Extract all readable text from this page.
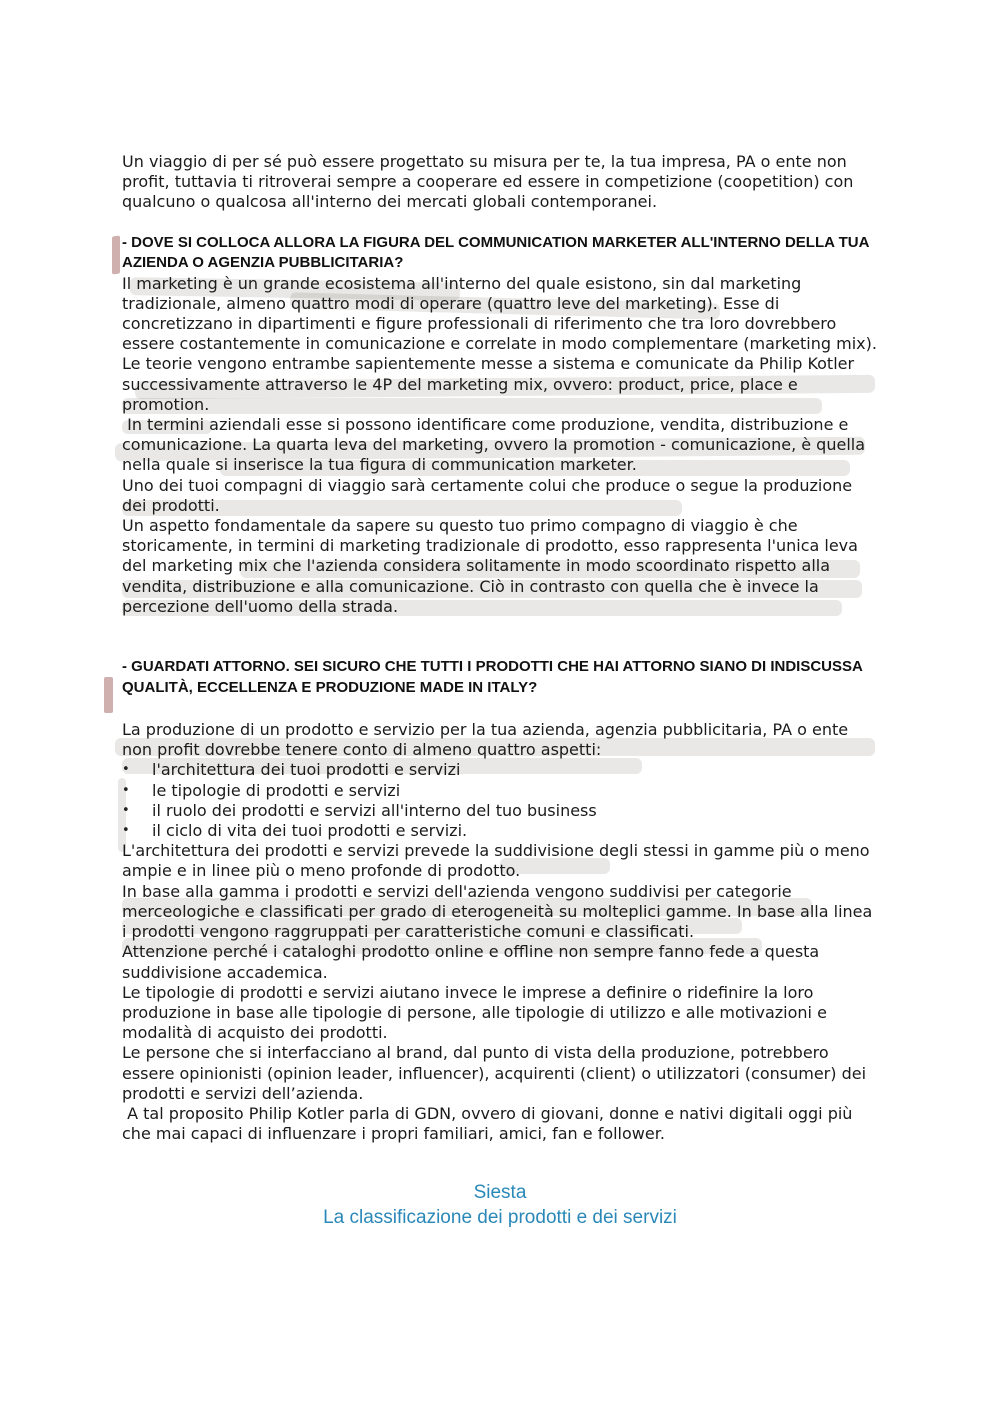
Un viaggio di per sé può essere progettato su misura per te, la tua impresa, PA o ente non profit, tuttavia ti ritroverai sempre a cooperare ed essere in competizione (coopetition) con qualcuno o qualcosa all'interno dei mercati globali contemporanei.

- DOVE SI COLLOCA ALLORA LA FIGURA DEL COMMUNICATION MARKETER ALL'INTERNO DELLA TUA AZIENDA O AGENZIA PUBBLICITARIA?

Il marketing è un grande ecosistema all'interno del quale esistono, sin dal marketing tradizionale, almeno quattro modi di operare (quattro leve del marketing). Esse di concretizzano in dipartimenti e figure professionali di riferimento che tra loro dovrebbero essere costantemente in comunicazione e correlate in modo complementare (marketing mix).

Le teorie vengono entrambe sapientemente messe a sistema e comunicate da Philip Kotler successivamente attraverso le 4P del marketing mix, ovvero: product, price, place e promotion.

In termini aziendali esse si possono identificare come produzione, vendita, distribuzione e comunicazione. La quarta leva del marketing, ovvero la promotion - comunicazione, è quella nella quale si inserisce la tua figura di communication marketer.

Uno dei tuoi compagni di viaggio sarà certamente colui che produce o segue la produzione dei prodotti.

Un aspetto fondamentale da sapere su questo tuo primo compagno di viaggio è che storicamente, in termini di marketing tradizionale di prodotto, esso rappresenta l'unica leva del marketing mix che l'azienda considera solitamente in modo scoordinato rispetto alla vendita, distribuzione e alla comunicazione. Ciò in contrasto con quella che è invece la percezione dell'uomo della strada.

- GUARDATI ATTORNO. SEI SICURO CHE TUTTI I PRODOTTI CHE HAI ATTORNO SIANO DI INDISCUSSA QUALITÀ, ECCELLENZA E PRODUZIONE MADE IN ITALY?

La produzione di un prodotto e servizio per la tua azienda, agenzia pubblicitaria, PA o ente non profit dovrebbe tenere conto di almeno quattro aspetti:

• l'architettura dei tuoi prodotti e servizi
• le tipologie di prodotti e servizi
• il ruolo dei prodotti e servizi all'interno del tuo business
• il ciclo di vita dei tuoi prodotti e servizi.

L'architettura dei prodotti e servizi prevede la suddivisione degli stessi in gamme più o meno ampie e in linee più o meno profonde di prodotto.

In base alla gamma i prodotti e servizi dell'azienda vengono suddivisi per categorie merceologiche e classificati per grado di eterogeneità su molteplici gamme. In base alla linea i prodotti vengono raggruppati per caratteristiche comuni e classificati.

Attenzione perché i cataloghi prodotto online e offline non sempre fanno fede a questa suddivisione accademica.

Le tipologie di prodotti e servizi aiutano invece le imprese a definire o ridefinire la loro produzione in base alle tipologie di persone, alle tipologie di utilizzo e alle motivazioni e modalità di acquisto dei prodotti.

Le persone che si interfacciano al brand, dal punto di vista della produzione, potrebbero essere opinionisti (opinion leader, influencer), acquirenti (client) o utilizzatori (consumer) dei prodotti e servizi dell’azienda.

A tal proposito Philip Kotler parla di GDN, ovvero di giovani, donne e nativi digitali oggi più che mai capaci di influenzare i propri familiari, amici, fan e follower.

Siesta
La classificazione dei prodotti e dei servizi
